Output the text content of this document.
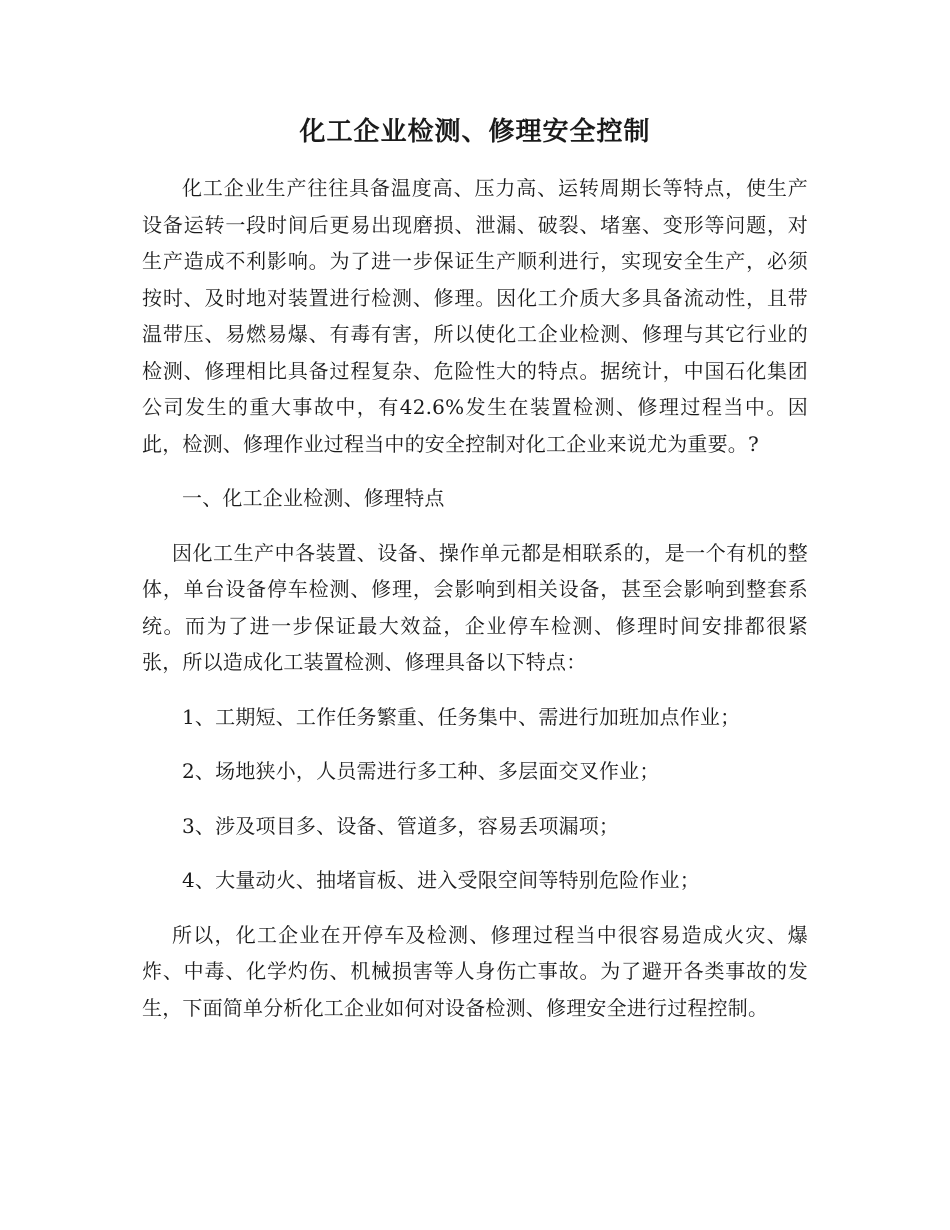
化工企业检测、修理安全控制

化工企业生产往往具备温度高、压力高、运转周期长等特点，使生产设备运转一段时间后更易出现磨损、泄漏、破裂、堵塞、变形等问题，对生产造成不利影响。为了进一步保证生产顺利进行，实现安全生产，必须按时、及时地对装置进行检测、修理。因化工介质大多具备流动性，且带温带压、易燃易爆、有毒有害，所以使化工企业检测、修理与其它行业的检测、修理相比具备过程复杂、危险性大的特点。据统计，中国石化集团公司发生的重大事故中，有42.6%发生在装置检测、修理过程当中。因此，检测、修理作业过程当中的安全控制对化工企业来说尤为重要。?

一、化工企业检测、修理特点

因化工生产中各装置、设备、操作单元都是相联系的，是一个有机的整体，单台设备停车检测、修理，会影响到相关设备，甚至会影响到整套系统。而为了进一步保证最大效益，企业停车检测、修理时间安排都很紧张，所以造成化工装置检测、修理具备以下特点：

1、工期短、工作任务繁重、任务集中、需进行加班加点作业；

2、场地狭小，人员需进行多工种、多层面交叉作业；

3、涉及项目多、设备、管道多，容易丢项漏项；

4、大量动火、抽堵盲板、进入受限空间等特别危险作业；

所以，化工企业在开停车及检测、修理过程当中很容易造成火灾、爆炸、中毒、化学灼伤、机械损害等人身伤亡事故。为了避开各类事故的发生，下面简单分析化工企业如何对设备检测、修理安全进行过程控制。
